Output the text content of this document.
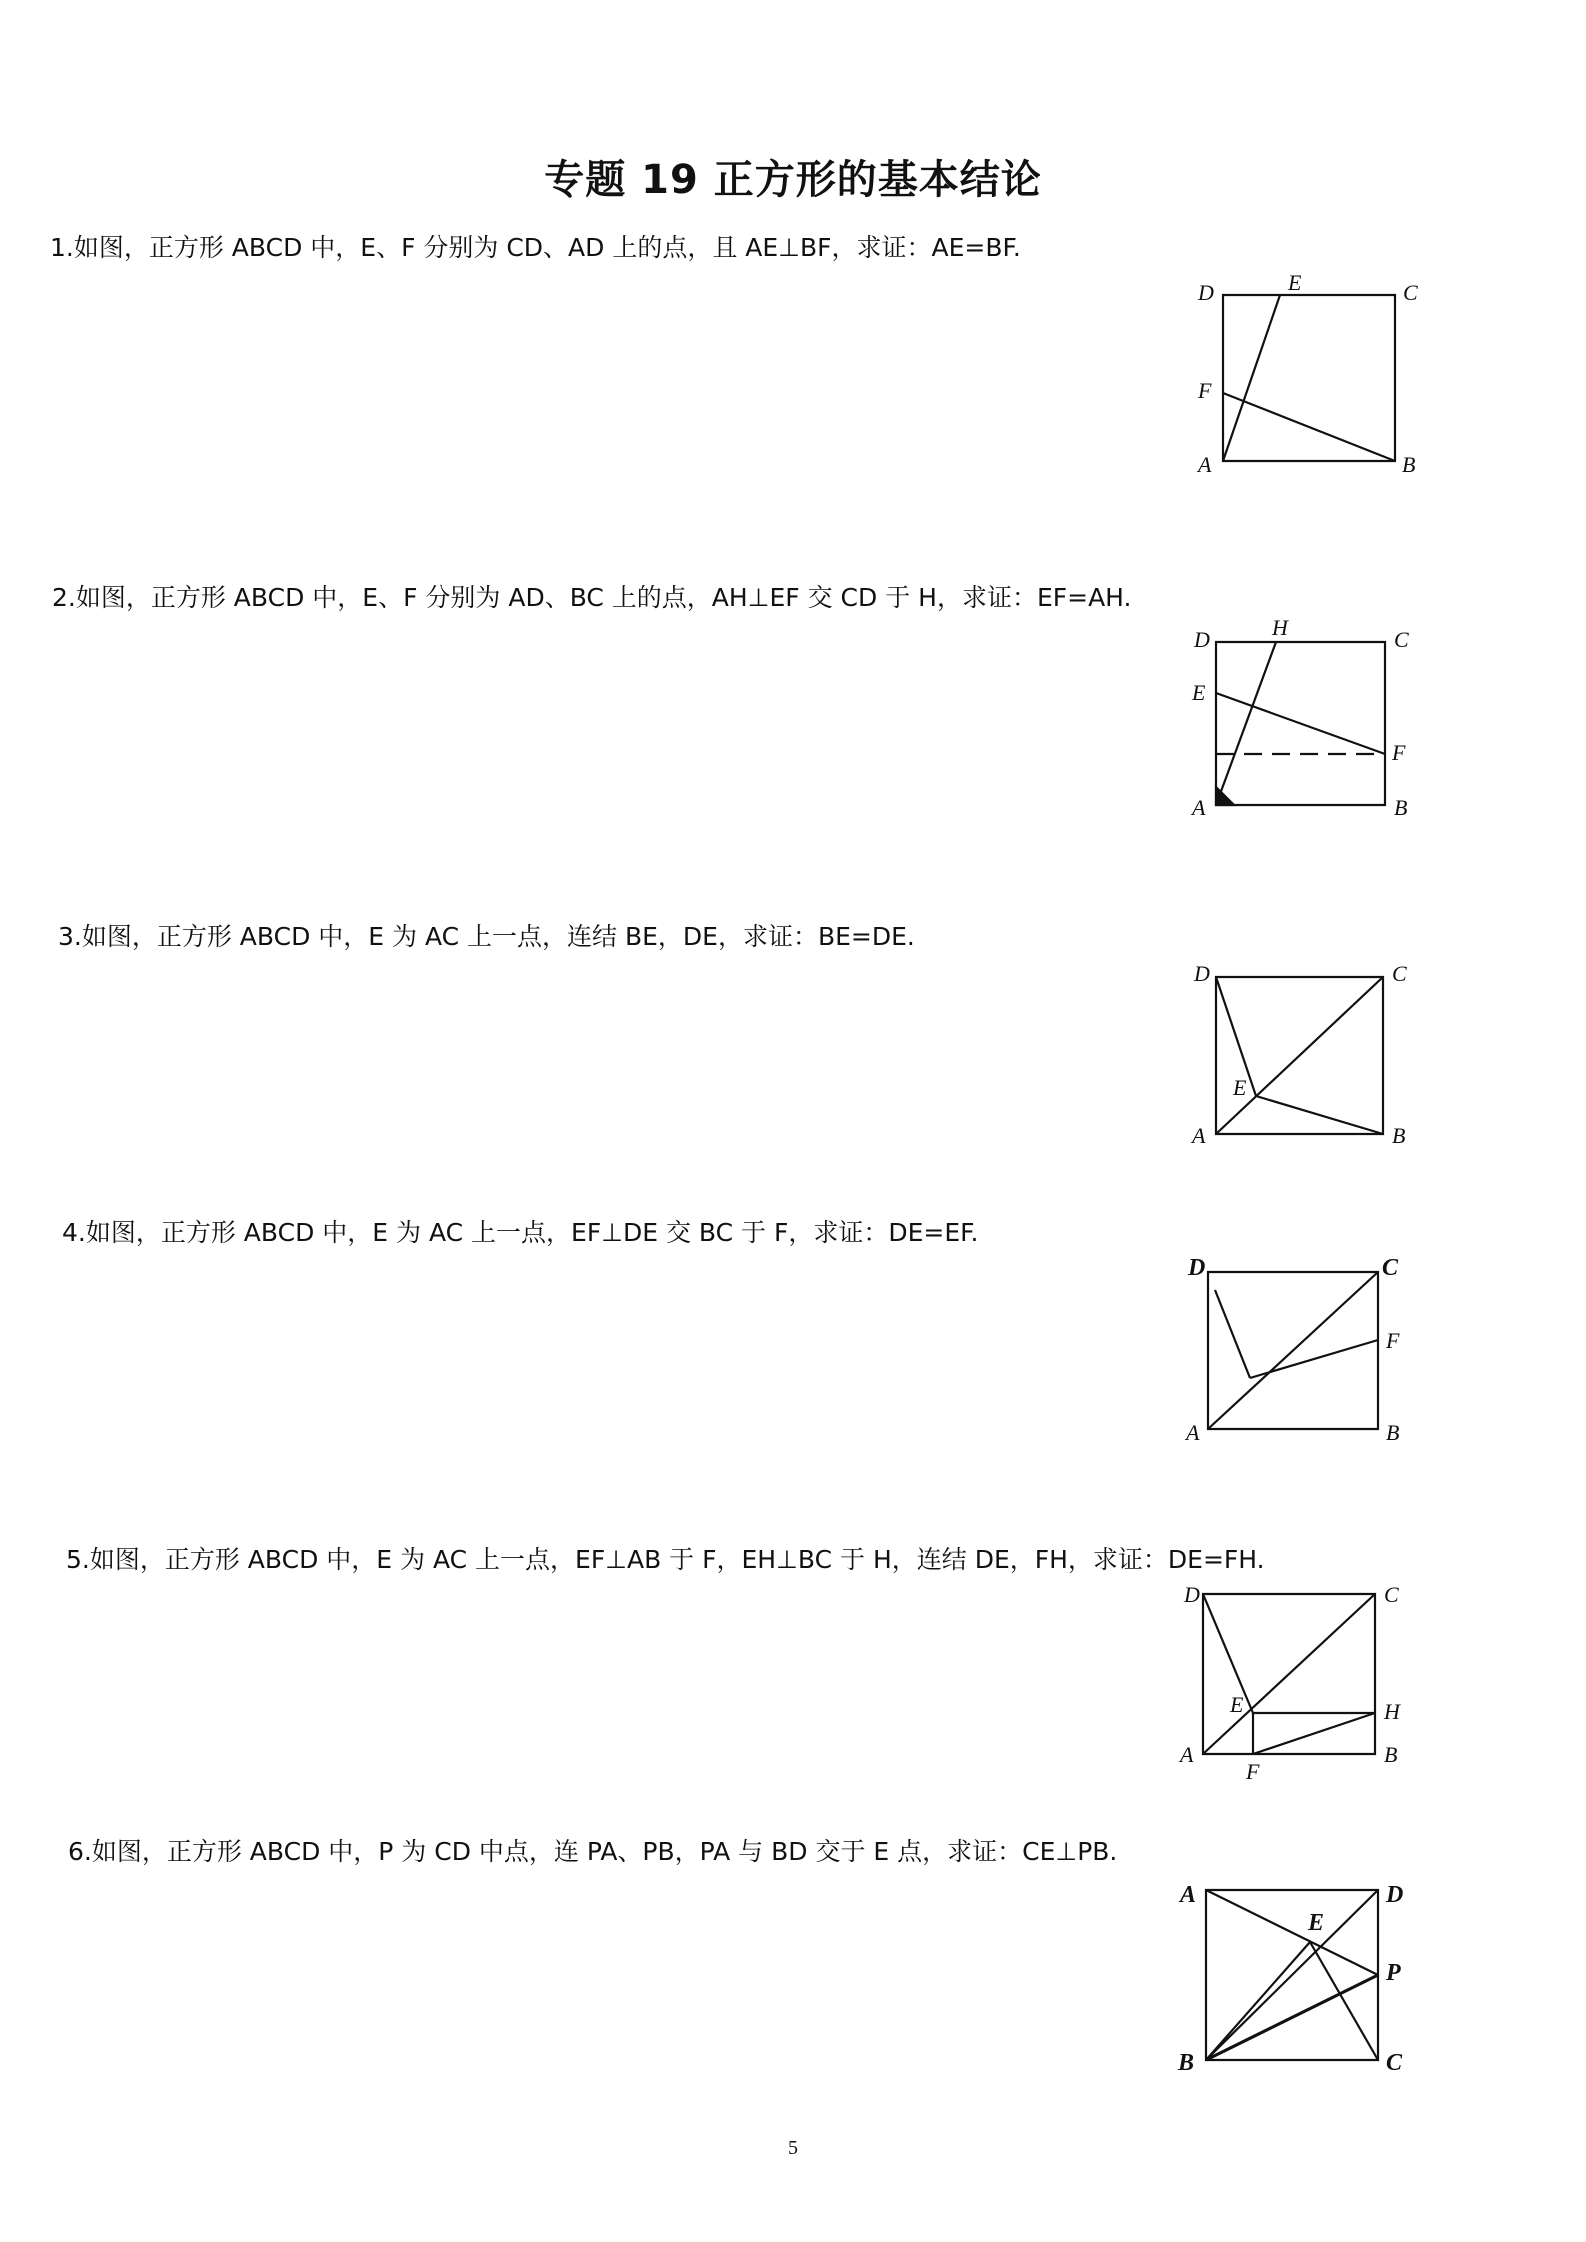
专题 19 正方形的基本结论
1.如图，正方形 ABCD 中，E、F 分别为 CD、AD 上的点，且 AE⊥BF，求证：AE=BF.
D	E	C
F
A	B
2.如图，正方形 ABCD 中，E、F 分别为 AD、BC 上的点，AH⊥EF 交 CD 于 H，求证：EF=AH.
D	H	C
E
F
A	B
3.如图，正方形 ABCD 中，E 为 AC 上一点，连结 BE，DE，求证：BE=DE.
D	C
E
A	B
4.如图，正方形 ABCD 中，E 为 AC 上一点，EF⊥DE 交 BC 于 F，求证：DE=EF.
D	C
F
A	B
5.如图，正方形 ABCD 中，E 为 AC 上一点，EF⊥AB 于 F，EH⊥BC 于 H，连结 DE，FH，求证：DE=FH.
D	C
E	H
A
F
B
6.如图，正方形 ABCD 中，P 为 CD 中点，连 PA、PB，PA 与 BD 交于 E 点，求证：CE⊥PB.
A	D
E
P
B	C
5
